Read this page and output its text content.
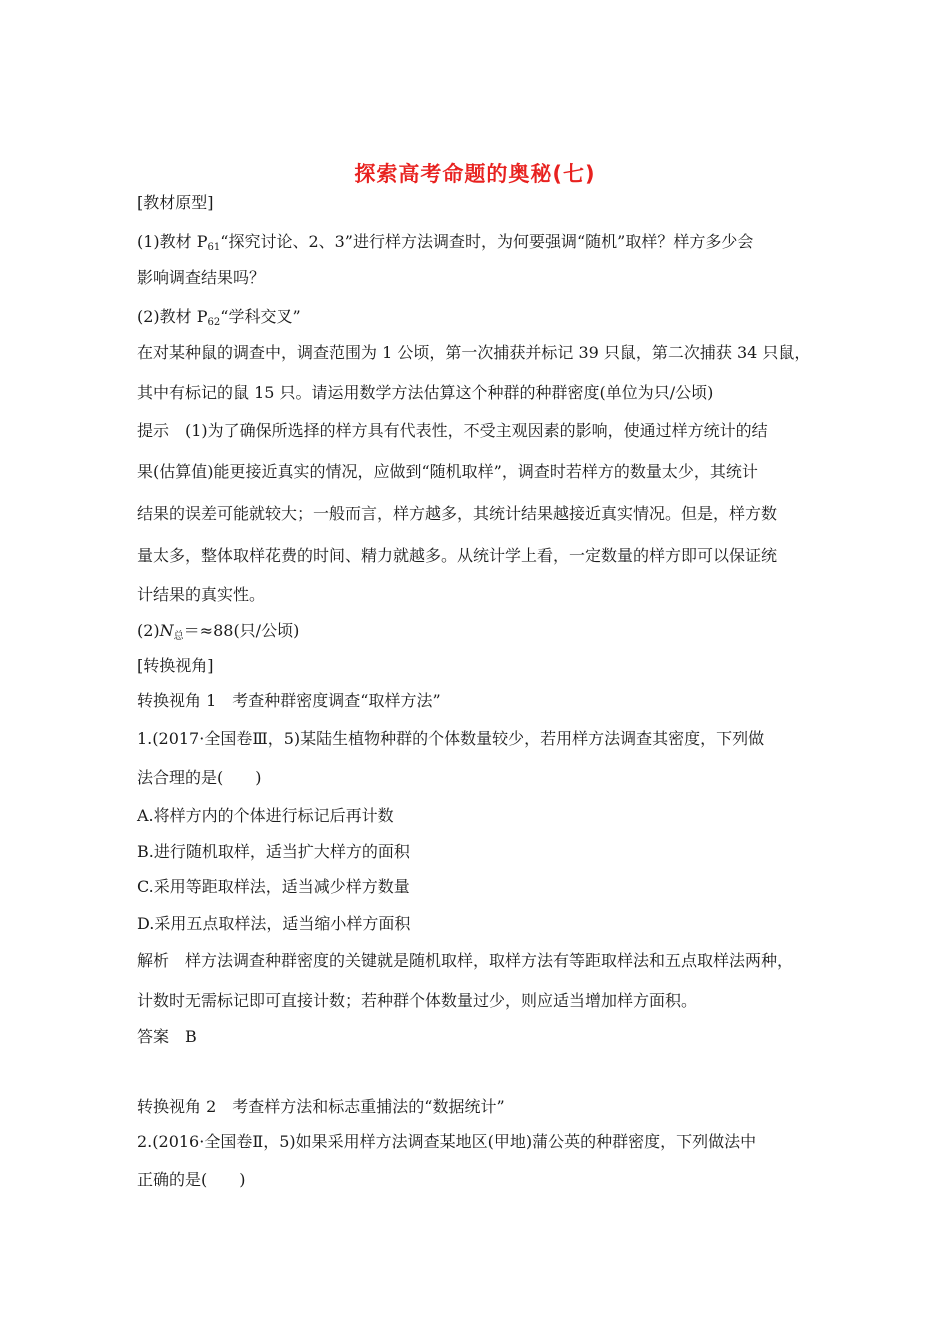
探索高考命题的奥秘(七)
[教材原型]
(1)教材 $P_{61}“$探究讨论、2、3”进行样方法调查时，为何要强调“随机”取样？样方多少会
影响调查结果吗？
(2)教材 $P_{62}“$学科交叉”
在对某种鼠的调查中，调查范围为 1 公顷，第一次捕获并标记 39 只鼠，第二次捕获 34 只鼠，
其中有标记的鼠 15 只。请运用数学方法估算这个种群的种群密度(单位为只/公顷)
提示　(1)为了确保所选择的样方具有代表性，不受主观因素的影响，使通过样方统计的结
果(估算值)能更接近真实的情况，应做到“随机取样”，调查时若样方的数量太少，其统计
结果的误差可能就较大；一般而言，样方越多，其统计结果越接近真实情况。但是，样方数
量太多，整体取样花费的时间、精力就越多。从统计学上看，一定数量的样方即可以保证统
计结果的真实性。
$(2)N_总=\approx 88$(只/公顷)
[转换视角]
转换视角 1　考查种群密度调查“取样方法”
1.(2017·全国卷Ⅲ，5)某陆生植物种群的个体数量较少，若用样方法调查其密度，下列做
法合理的是(　　)
A.将样方内的个体进行标记后再计数
B.进行随机取样，适当扩大样方的面积
C.采用等距取样法，适当减少样方数量
D.采用五点取样法，适当缩小样方面积
解析　样方法调查种群密度的关键就是随机取样，取样方法有等距取样法和五点取样法两种，
计数时无需标记即可直接计数；若种群个体数量过少，则应适当增加样方面积。
答案　B
转换视角 2　考查样方法和标志重捕法的“数据统计”
2.(2016·全国卷Ⅱ，5)如果采用样方法调查某地区(甲地)蒲公英的种群密度，下列做法中
正确的是(　　)
